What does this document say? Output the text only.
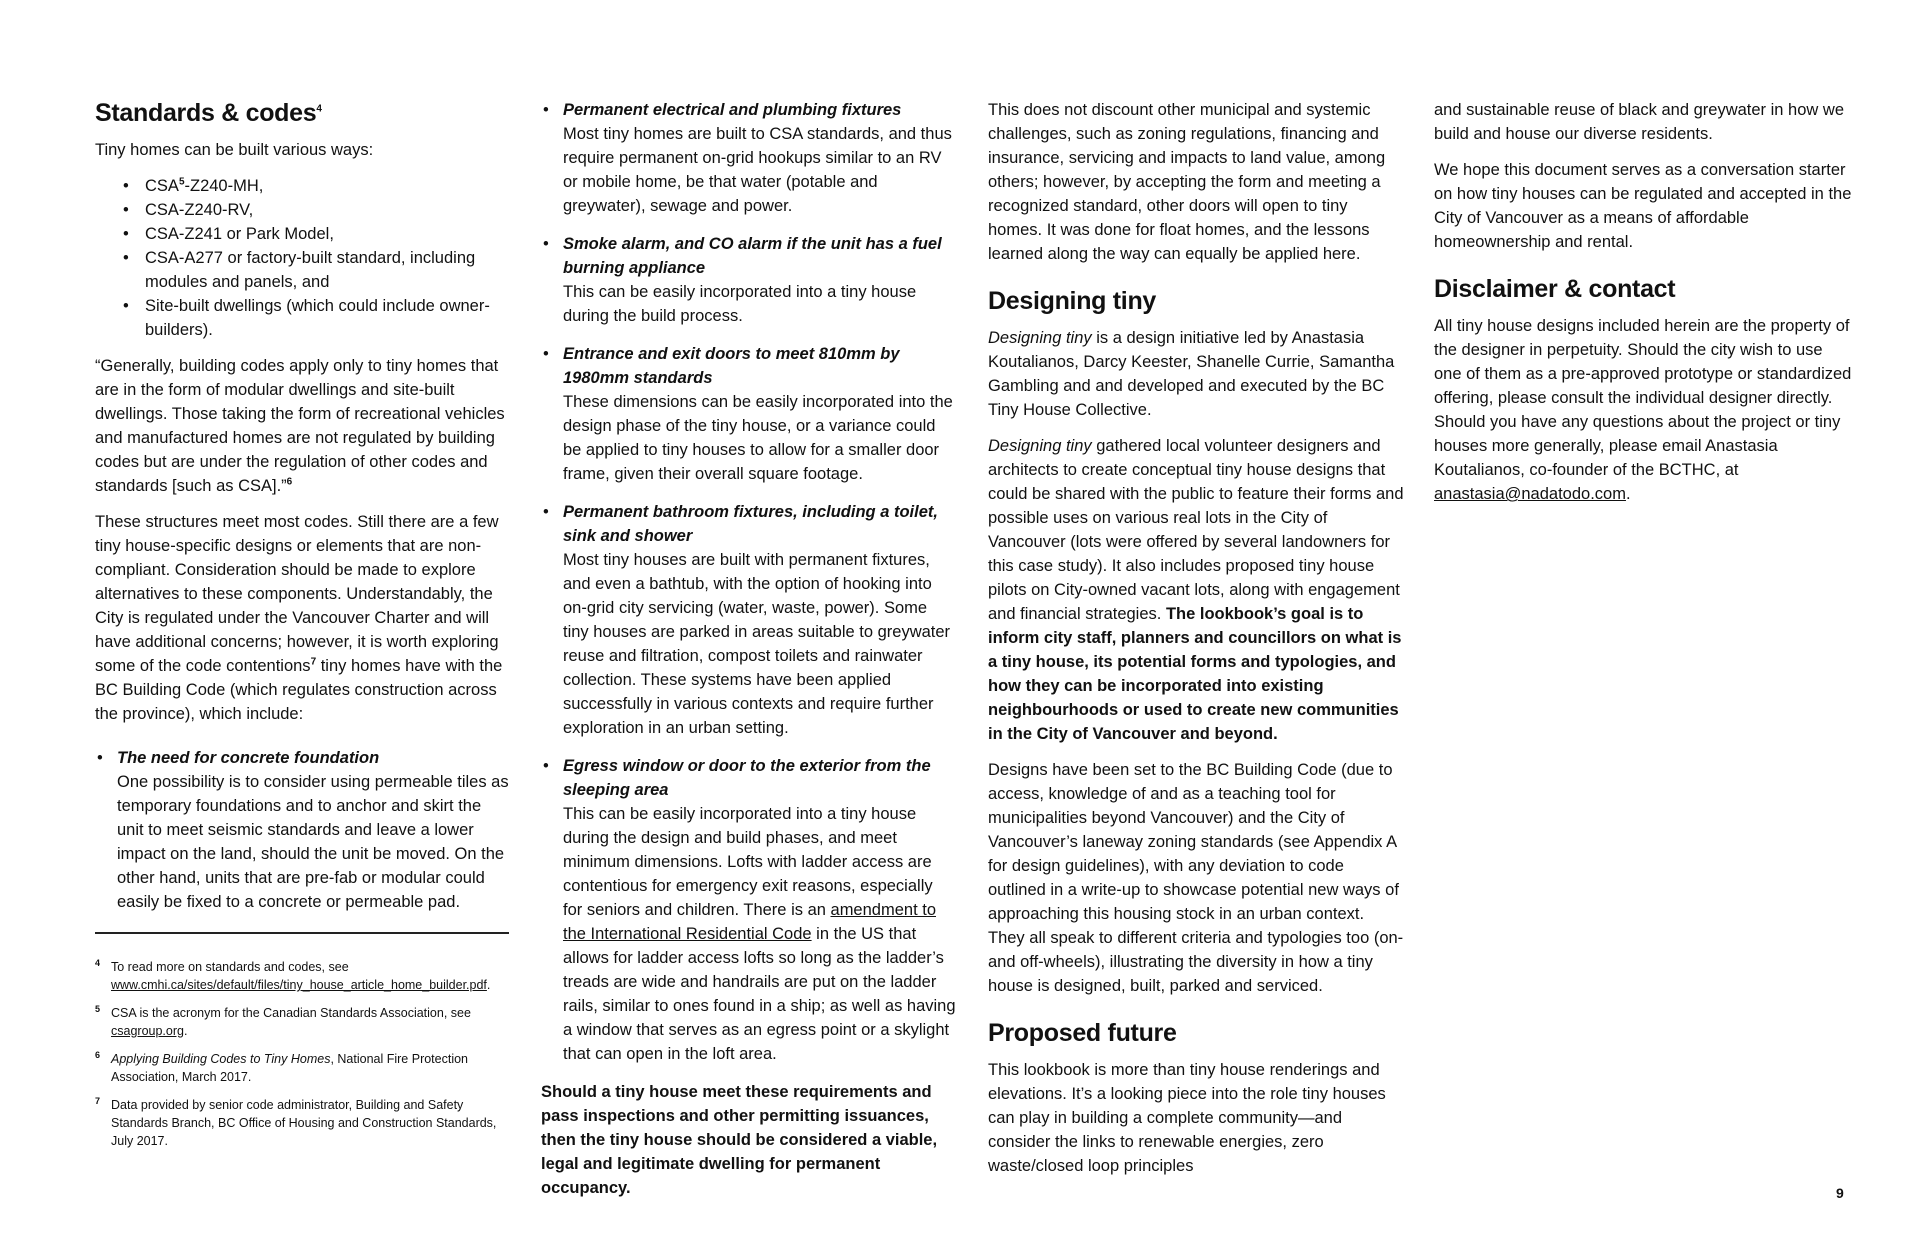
Standards & codes$^4$

Tiny homes can be built various ways:

• CSA$^5$-Z240-MH,
• CSA-Z240-RV,
• CSA-Z241 or Park Model,
• CSA-A277 or factory-built standard, including modules and panels, and
• Site-built dwellings (which could include owner-builders).

“Generally, building codes apply only to tiny homes that are in the form of modular dwellings and site-built dwellings. Those taking the form of recreational vehicles and manufactured homes are not regulated by building codes but are under the regulation of other codes and standards [such as CSA].”$^6$

These structures meet most codes. Still there are a few tiny house-specific designs or elements that are non-compliant. Consideration should be made to explore alternatives to these components. Understandably, the City is regulated under the Vancouver Charter and will have additional concerns; however, it is worth exploring some of the code contentions$^7$ tiny homes have with the BC Building Code (which regulates construction across the province), which include:

• The need for concrete foundation
One possibility is to consider using permeable tiles as temporary foundations and to anchor and skirt the unit to meet seismic standards and leave a lower impact on the land, should the unit be moved. On the other hand, units that are pre-fab or modular could easily be fixed to a concrete or permeable pad.
4 To read more on standards and codes, see www.cmhi.ca/sites/default/files/tiny_house_article_home_builder.pdf.
5 CSA is the acronym for the Canadian Standards Association, see csagroup.org.
6 Applying Building Codes to Tiny Homes, National Fire Protection Association, March 2017.
7 Data provided by senior code administrator, Building and Safety Standards Branch, BC Office of Housing and Construction Standards, July 2017.
• Permanent electrical and plumbing fixtures
Most tiny homes are built to CSA standards, and thus require permanent on-grid hookups similar to an RV or mobile home, be that water (potable and greywater), sewage and power.
• Smoke alarm, and CO alarm if the unit has a fuel burning appliance
This can be easily incorporated into a tiny house during the build process.
• Entrance and exit doors to meet 810mm by 1980mm standards
These dimensions can be easily incorporated into the design phase of the tiny house, or a variance could be applied to tiny houses to allow for a smaller door frame, given their overall square footage.
• Permanent bathroom fixtures, including a toilet, sink and shower
Most tiny houses are built with permanent fixtures, and even a bathtub, with the option of hooking into on-grid city servicing (water, waste, power). Some tiny houses are parked in areas suitable to greywater reuse and filtration, compost toilets and rainwater collection. These systems have been applied successfully in various contexts and require further exploration in an urban setting.
• Egress window or door to the exterior from the sleeping area
This can be easily incorporated into a tiny house during the design and build phases, and meet minimum dimensions. Lofts with ladder access are contentious for emergency exit reasons, especially for seniors and children. There is an amendment to the International Residential Code in the US that allows for ladder access lofts so long as the ladder’s treads are wide and handrails are put on the ladder rails, similar to ones found in a ship; as well as having a window that serves as an egress point or a skylight that can open in the loft area.

Should a tiny house meet these requirements and pass inspections and other permitting issuances, then the tiny house should be considered a viable, legal and legitimate dwelling for permanent occupancy.

This does not discount other municipal and systemic challenges, such as zoning regulations, financing and insurance, servicing and impacts to land value, among others; however, by accepting the form and meeting a recognized standard, other doors will open to tiny homes. It was done for float homes, and the lessons learned along the way can equally be applied here.

Designing tiny

Designing tiny is a design initiative led by Anastasia Koutalianos, Darcy Keester, Shanelle Currie, Samantha Gambling and and developed and executed by the BC Tiny House Collective.

Designing tiny gathered local volunteer designers and architects to create conceptual tiny house designs that could be shared with the public to feature their forms and possible uses on various real lots in the City of Vancouver (lots were offered by several landowners for this case study). It also includes proposed tiny house pilots on City-owned vacant lots, along with engagement and financial strategies. The lookbook’s goal is to inform city staff, planners and councillors on what is a tiny house, its potential forms and typologies, and how they can be incorporated into existing neighbourhoods or used to create new communities in the City of Vancouver and beyond.

Designs have been set to the BC Building Code (due to access, knowledge of and as a teaching tool for municipalities beyond Vancouver) and the City of Vancouver’s laneway zoning standards (see Appendix A for design guidelines), with any deviation to code outlined in a write-up to showcase potential new ways of approaching this housing stock in an urban context. They all speak to different criteria and typologies too (on- and off-wheels), illustrating the diversity in how a tiny house is designed, built, parked and serviced.

Proposed future

This lookbook is more than tiny house renderings and elevations. It’s a looking piece into the role tiny houses can play in building a complete community—and consider the links to renewable energies, zero waste/closed loop principles

and sustainable reuse of black and greywater in how we build and house our diverse residents.

We hope this document serves as a conversation starter on how tiny houses can be regulated and accepted in the City of Vancouver as a means of affordable homeownership and rental.

Disclaimer & contact

All tiny house designs included herein are the property of the designer in perpetuity. Should the city wish to use one of them as a pre-approved prototype or standardized offering, please consult the individual designer directly. Should you have any questions about the project or tiny houses more generally, please email Anastasia Koutalianos, co-founder of the BCTHC, at anastasia@nadatodo.com.

9
